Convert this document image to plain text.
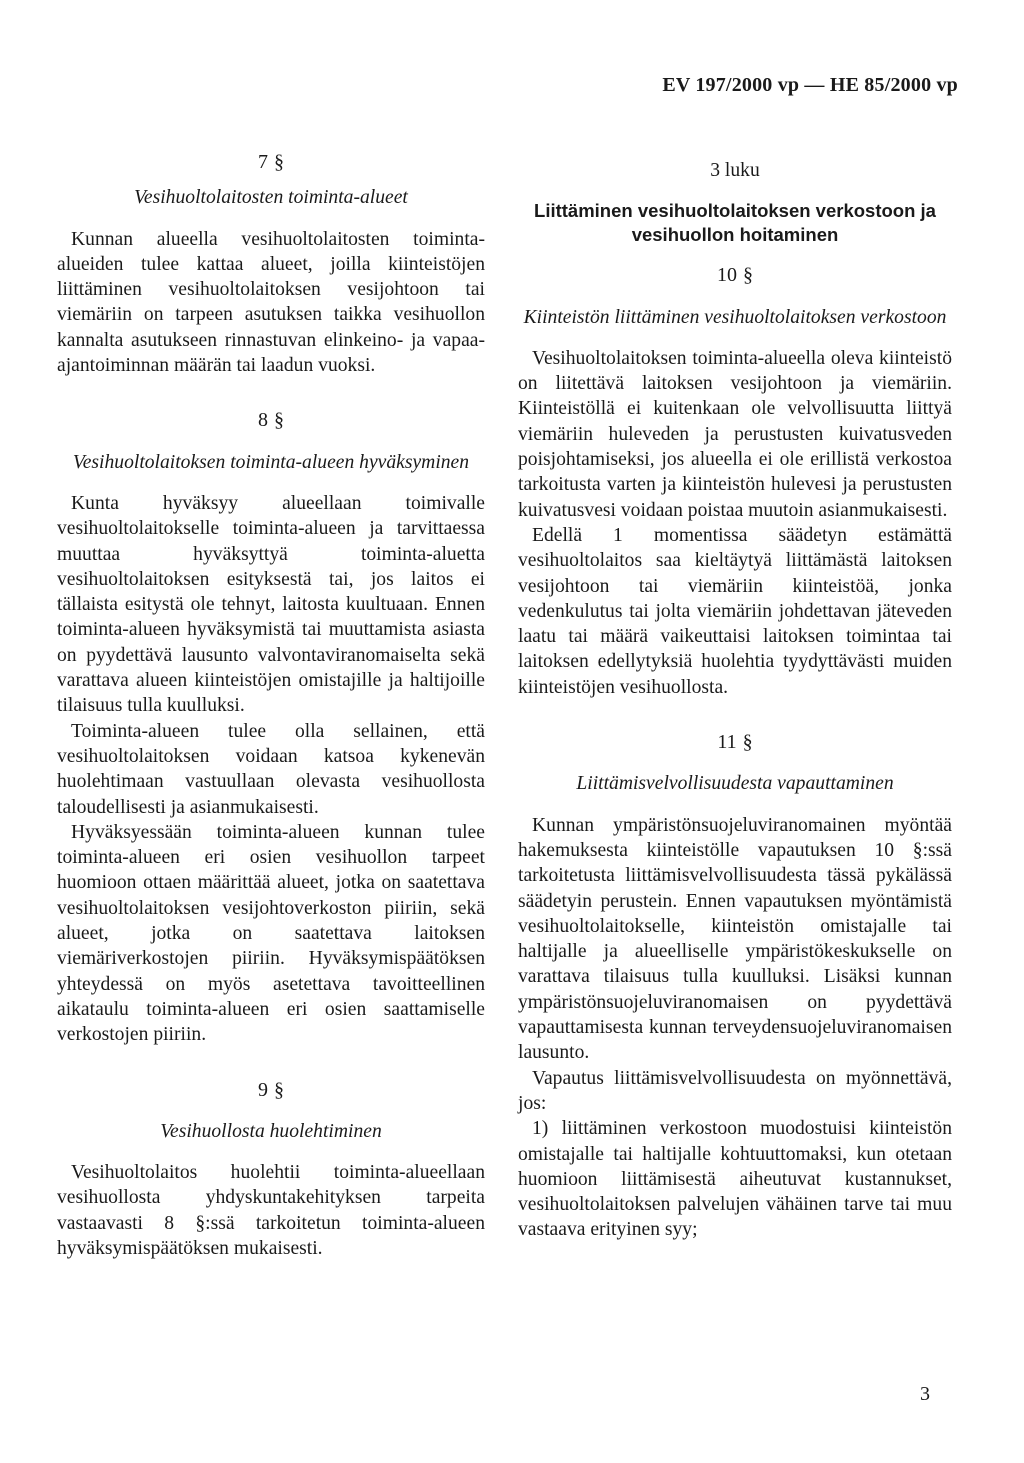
EV 197/2000 vp — HE 85/2000 vp
7 §
Vesihuoltolaitosten toiminta-alueet

Kunnan alueella vesihuoltolaitosten toiminta-alueiden tulee kattaa alueet, joilla kiinteistöjen liittäminen vesihuoltolaitoksen vesijohtoon tai viemäriin on tarpeen asutuksen taikka vesihuollon kannalta asutukseen rinnastuvan elinkeino- ja vapaa-ajantoiminnan määrän tai laadun vuoksi.

8 §
Vesihuoltolaitoksen toiminta-alueen hyväksyminen

Kunta hyväksyy alueellaan toimivalle vesihuoltolaitokselle toiminta-alueen ja tarvittaessa muuttaa hyväksyttyä toiminta-aluetta vesihuoltolaitoksen esityksestä tai, jos laitos ei tällaista esitystä ole tehnyt, laitosta kuultuaan. Ennen toiminta-alueen hyväksymistä tai muuttamista asiasta on pyydettävä lausunto valvontaviranomaiselta sekä varattava alueen kiinteistöjen omistajille ja haltijoille tilaisuus tulla kuulluksi.

Toiminta-alueen tulee olla sellainen, että vesihuoltolaitoksen voidaan katsoa kykenevän huolehtimaan vastuullaan olevasta vesihuollosta taloudellisesti ja asianmukaisesti.

Hyväksyessään toiminta-alueen kunnan tulee toiminta-alueen eri osien vesihuollon tarpeet huomioon ottaen määrittää alueet, jotka on saatettava vesihuoltolaitoksen vesijohtoverkoston piiriin, sekä alueet, jotka on saatettava laitoksen viemäriverkostojen piiriin. Hyväksymispäätöksen yhteydessä on myös asetettava tavoitteellinen aikataulu toiminta-alueen eri osien saattamiselle verkostojen piiriin.

9 §
Vesihuollosta huolehtiminen

Vesihuoltolaitos huolehtii toiminta-alueellaan vesihuollosta yhdyskuntakehityksen tarpeita vastaavasti 8 §:ssä tarkoitetun toiminta-alueen hyväksymispäätöksen mukaisesti.

3 luku
Liittäminen vesihuoltolaitoksen verkostoon ja vesihuollon hoitaminen
10 §
Kiinteistön liittäminen vesihuoltolaitoksen verkostoon

Vesihuoltolaitoksen toiminta-alueella oleva kiinteistö on liitettävä laitoksen vesijohtoon ja viemäriin. Kiinteistöllä ei kuitenkaan ole velvollisuutta liittyä viemäriin huleveden ja perustusten kuivatusveden poisjohtamiseksi, jos alueella ei ole erillistä verkostoa tarkoitusta varten ja kiinteistön hulevesi ja perustusten kuivatusvesi voidaan poistaa muutoin asianmukaisesti.

Edellä 1 momentissa säädetyn estämättä vesihuoltolaitos saa kieltäytyä liittämästä laitoksen vesijohtoon tai viemäriin kiinteistöä, jonka vedenkulutus tai jolta viemäriin johdettavan jäteveden laatu tai määrä vaikeuttaisi laitoksen toimintaa tai laitoksen edellytyksiä huolehtia tyydyttävästi muiden kiinteistöjen vesihuollosta.

11 §
Liittämisvelvollisuudesta vapauttaminen

Kunnan ympäristönsuojeluviranomainen myöntää hakemuksesta kiinteistölle vapautuksen 10 §:ssä tarkoitetusta liittämisvelvollisuudesta tässä pykälässä säädetyin perustein. Ennen vapautuksen myöntämistä vesihuoltolaitokselle, kiinteistön omistajalle tai haltijalle ja alueelliselle ympäristökeskukselle on varattava tilaisuus tulla kuulluksi. Lisäksi kunnan ympäristönsuojeluviranomaisen on pyydettävä vapauttamisesta kunnan terveydensuojeluviranomaisen lausunto.

Vapautus liittämisvelvollisuudesta on myönnettävä, jos:

1) liittäminen verkostoon muodostuisi kiinteistön omistajalle tai haltijalle kohtuuttomaksi, kun otetaan huomioon liittämisestä aiheutuvat kustannukset, vesihuoltolaitoksen palvelujen vähäinen tarve tai muu vastaava erityinen syy;

3
